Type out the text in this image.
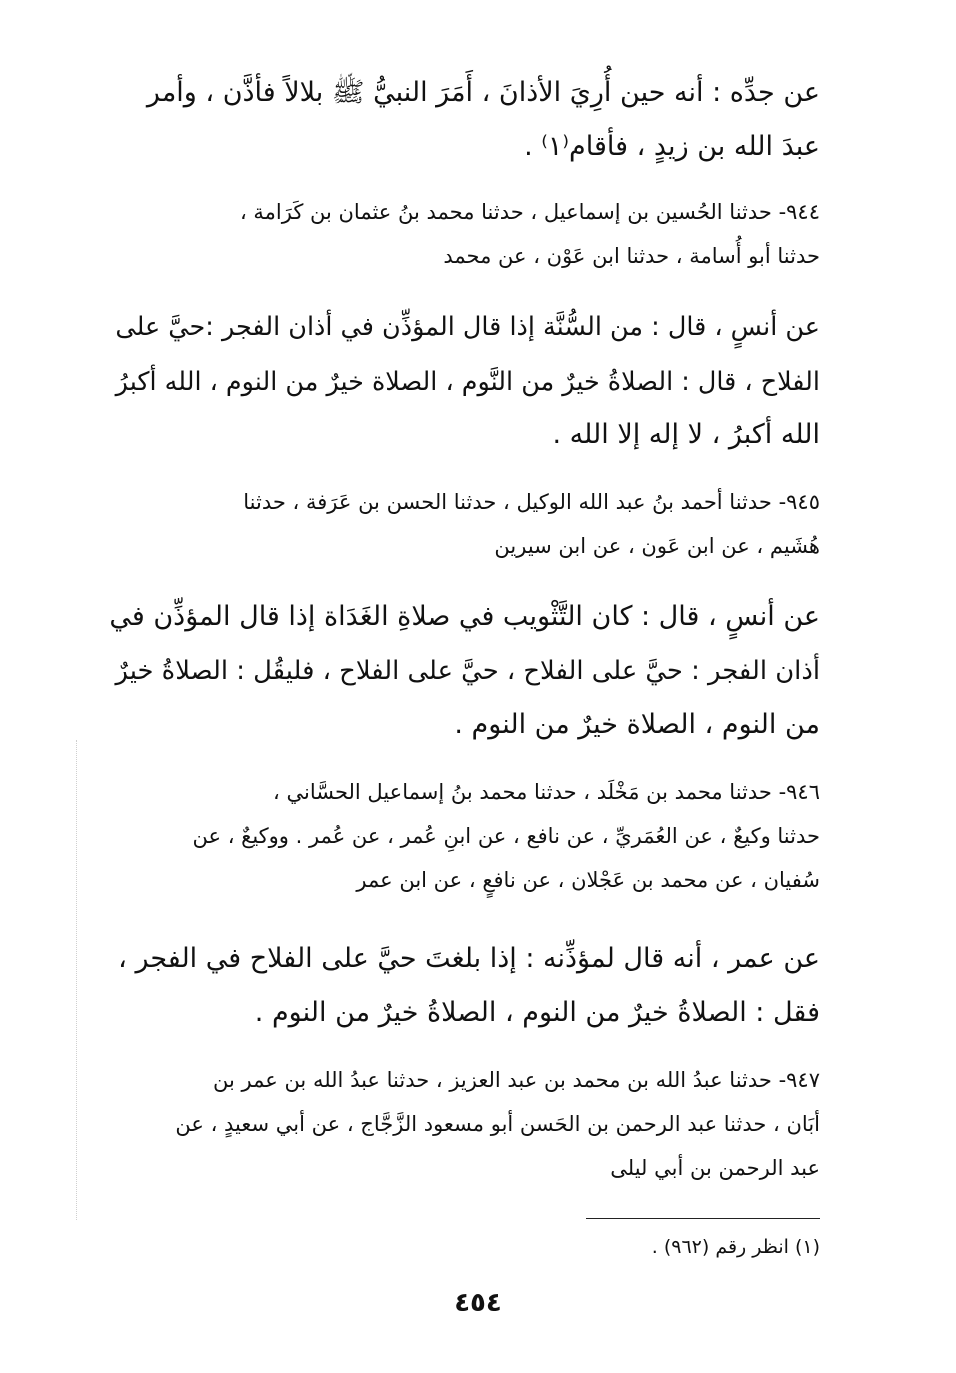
عن جدِّه : أنه حين أُرِيَ الأذانَ ، أَمَرَ النبيُّ ﷺ بلالاً فأذَّن ، وأمر
عبدَ الله بن زيدٍ ، فأقام⁽١⁾ .
٩٤٤- حدثنا الحُسين بن إسماعيل ، حدثنا محمد بنُ عثمان بن كَرَامة ،
حدثنا أبو أُسامة ، حدثنا ابن عَوْن ، عن محمد
عن أنسٍ ، قال : من السُّنَّة إذا قال المؤذِّن في أذان الفجر :حيَّ على
الفلاح ، قال : الصلاةُ خيرٌ من النَّوم ، الصلاة خيرٌ من النوم ، الله أكبرُ
الله أكبرُ ، لا إله إلا الله .
٩٤٥- حدثنا أحمد بنُ عبد الله الوكيل ، حدثنا الحسن بن عَرَفة ، حدثنا
هُشَيم ، عن ابن عَون ، عن ابن سيرين
عن أنسٍ ، قال : كان التَّثْويب في صلاةِ الغَدَاة إذا قال المؤذِّن في
أذان الفجر : حيَّ على الفلاح ، حيَّ على الفلاح ، فليقُل : الصلاةُ خيرٌ
من النوم ، الصلاة خيرٌ من النوم .
٩٤٦- حدثنا محمد بن مَخْلَد ، حدثنا محمد بنُ إسماعيل الحسَّاني ،
حدثنا وكيعٌ ، عن العُمَريِّ ، عن نافع ، عن ابنِ عُمر ، عن عُمر . ووكيعٌ ، عن
سُفيان ، عن محمد بن عَجْلان ، عن نافعٍ ، عن ابن عمر
عن عمر ، أنه قال لمؤذِّنه : إذا بلغتَ حيَّ على الفلاح في الفجر ،
فقل : الصلاةُ خيرٌ من النوم ، الصلاةُ خيرٌ من النوم .
٩٤٧- حدثنا عبدُ الله بن محمد بن عبد العزيز ، حدثنا عبدُ الله بن عمر بن
أبَان ، حدثنا عبد الرحمن بن الحَسن أبو مسعود الزَّجَّاج ، عن أبي سعيدٍ ، عن
عبد الرحمن بن أبي ليلى
(١) انظر رقم (٩٦٢) .
٤٥٤
